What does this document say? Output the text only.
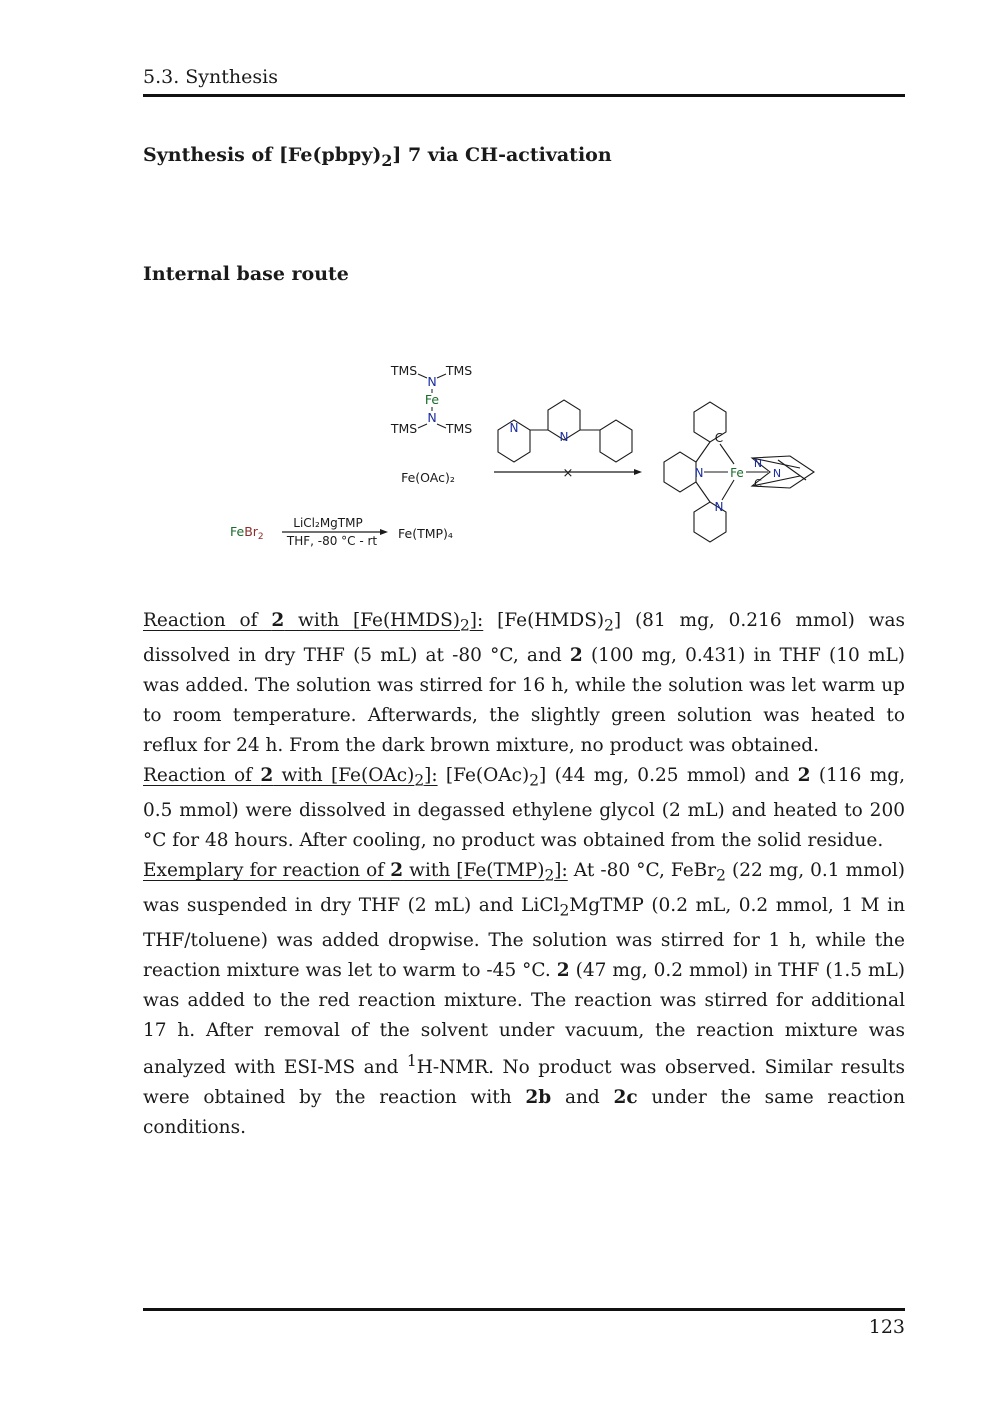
5.3. Synthesis
Synthesis of $[Fe(pbpy)_2]$ 7 via CH-activation
Internal base route
TMS TMS
N
Fe
N
TMS TMS
Fe(OAc)₂
FeBr$_2$
LiCl₂MgTMP
THF, -80 °C - rt Fe(TMP)₄
N
N
×
C
N Fe
N
N
N
C

Reaction of 2 with $[Fe(HMDS)_2]$: $[Fe(HMDS)_2]$ (81 mg, 0.216 mmol) was dissolved in dry THF (5 mL) at -80 °C, and 2 (100 mg, 0.431) in THF (10 mL) was added. The solution was stirred for 16 h, while the solution was let warm up to room temperature. Afterwards, the slightly green solution was heated to reflux for 24 h. From the dark brown mixture, no product was obtained.

Reaction of 2 with $[Fe(OAc)_2]$: $[Fe(OAc)_2]$ (44 mg, 0.25 mmol) and 2 (116 mg, 0.5 mmol) were dissolved in degassed ethylene glycol (2 mL) and heated to 200 °C for 48 hours. After cooling, no product was obtained from the solid residue.

Exemplary for reaction of 2 with $[Fe(TMP)_2]$: At -80 °C, FeBr$_2$ (22 mg, 0.1 mmol) was suspended in dry THF (2 mL) and LiCl$_2$MgTMP (0.2 mL, 0.2 mmol, 1 M in THF/toluene) was added dropwise. The solution was stirred for 1 h, while the reaction mixture was let to warm to -45 °C. 2 (47 mg, 0.2 mmol) in THF (1.5 mL) was added to the red reaction mixture. The reaction was stirred for additional 17 h. After removal of the solvent under vacuum, the reaction mixture was analyzed with ESI-MS and $^1$H-NMR. No product was observed. Similar results were obtained by the reaction with 2b and 2c under the same reaction conditions.

123
